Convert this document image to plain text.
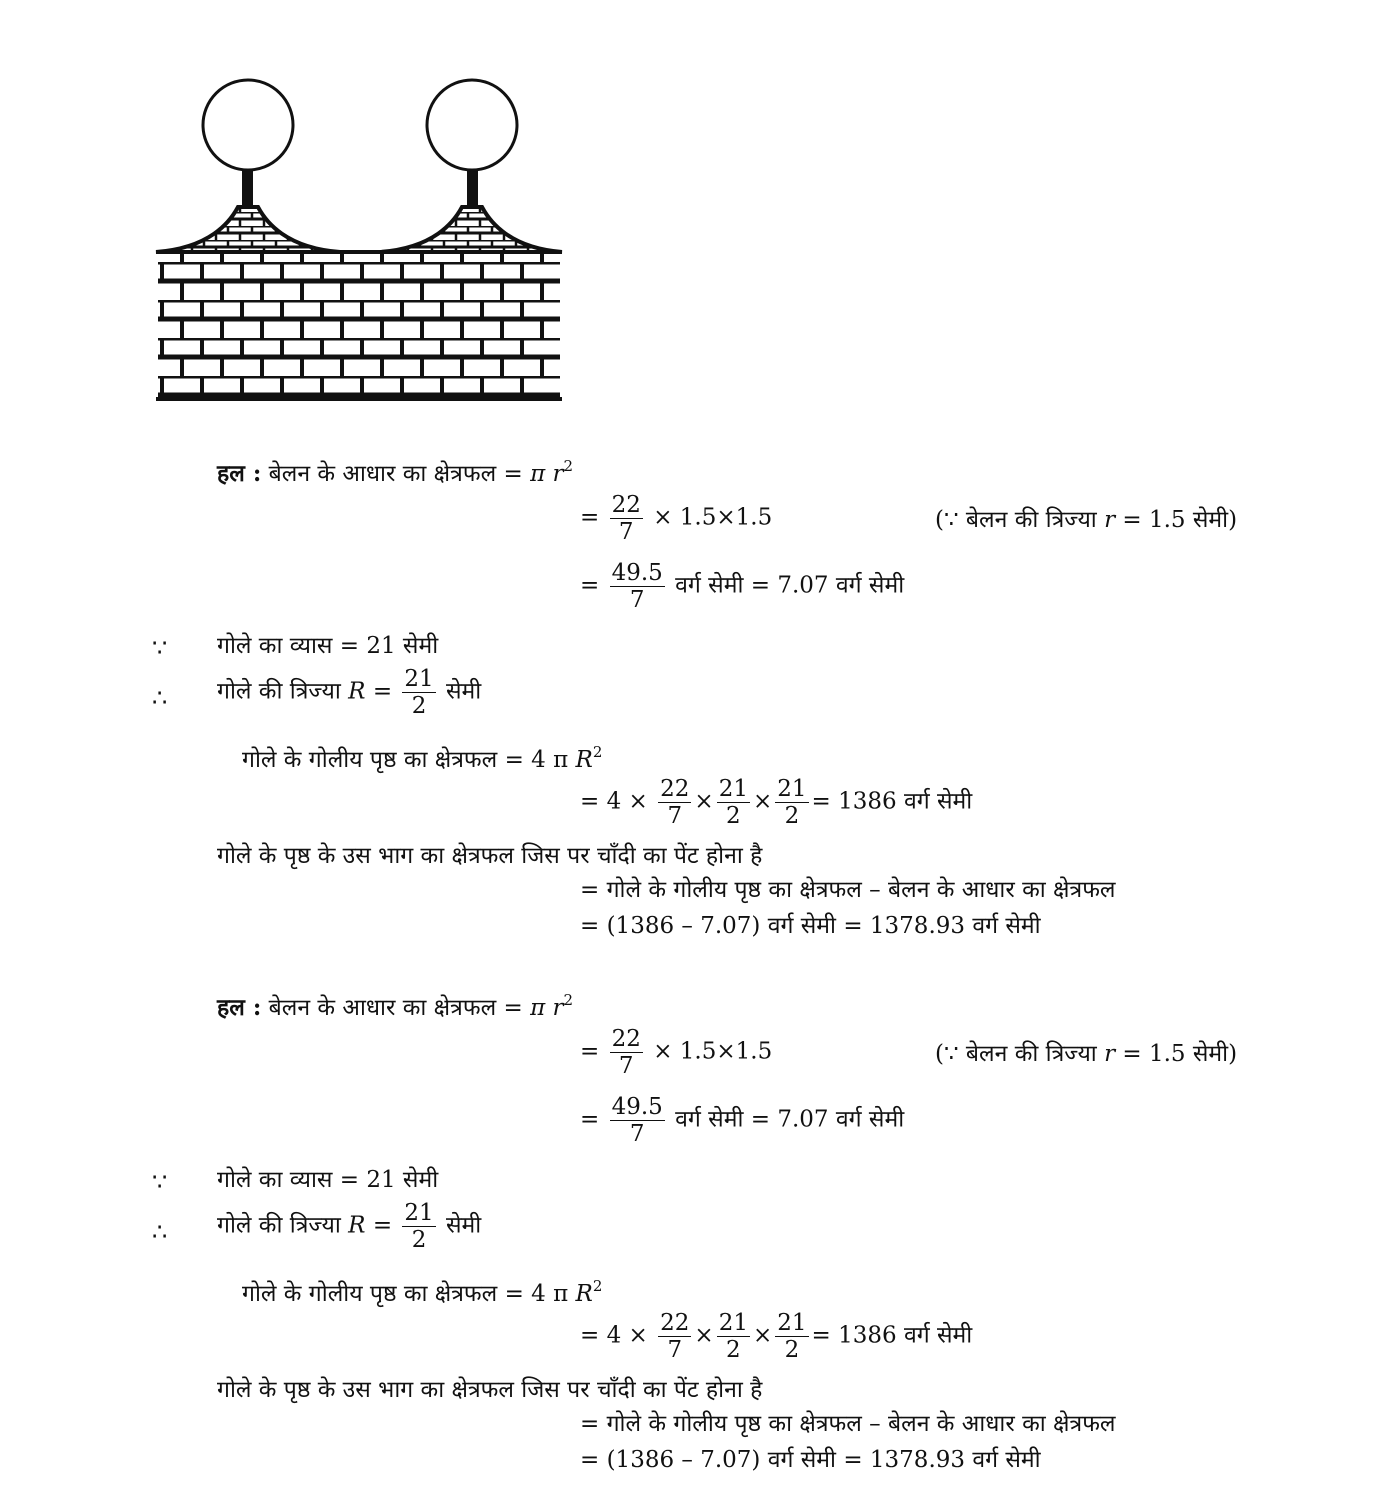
हल : बेलन के आधार का क्षेत्रफल = π $r^2$
= $\frac{22}{7} \times 1.5\times 1.5$	(∵ बेलन की त्रिज्या r = 1.5 सेमी)
= $\frac{49.5}{7}$ वर्ग सेमी = 7.07 वर्ग सेमी
∵ गोले का व्यास = 21 सेमी
∴ गोले की त्रिज्या $R = \frac{21}{2}$ सेमी
गोले के गोलीय पृष्ठ का क्षेत्रफल = 4 π $R^2$
= $4 \times \frac{22}{7} \times \frac{21}{2} \times \frac{21}{2} = 1386$ वर्ग सेमी
गोले के पृष्ठ के उस भाग का क्षेत्रफल जिस पर चाँदी का पेंट होना है
= गोले के गोलीय पृष्ठ का क्षेत्रफल – बेलन के आधार का क्षेत्रफल
= (1386 – 7.07) वर्ग सेमी = 1378.93 वर्ग सेमी
हल : बेलन के आधार का क्षेत्रफल = π $r^2$
= $\frac{22}{7} \times 1.5\times 1.5$	(∵ बेलन की त्रिज्या r = 1.5 सेमी)
= $\frac{49.5}{7}$ वर्ग सेमी = 7.07 वर्ग सेमी
∵ गोले का व्यास = 21 सेमी
∴ गोले की त्रिज्या $R = \frac{21}{2}$ सेमी
गोले के गोलीय पृष्ठ का क्षेत्रफल = 4 π $R^2$
= $4 \times \frac{22}{7} \times \frac{21}{2} \times \frac{21}{2} = 1386$ वर्ग सेमी
गोले के पृष्ठ के उस भाग का क्षेत्रफल जिस पर चाँदी का पेंट होना है
= गोले के गोलीय पृष्ठ का क्षेत्रफल – बेलन के आधार का क्षेत्रफल
= (1386 – 7.07) वर्ग सेमी = 1378.93 वर्ग सेमी
